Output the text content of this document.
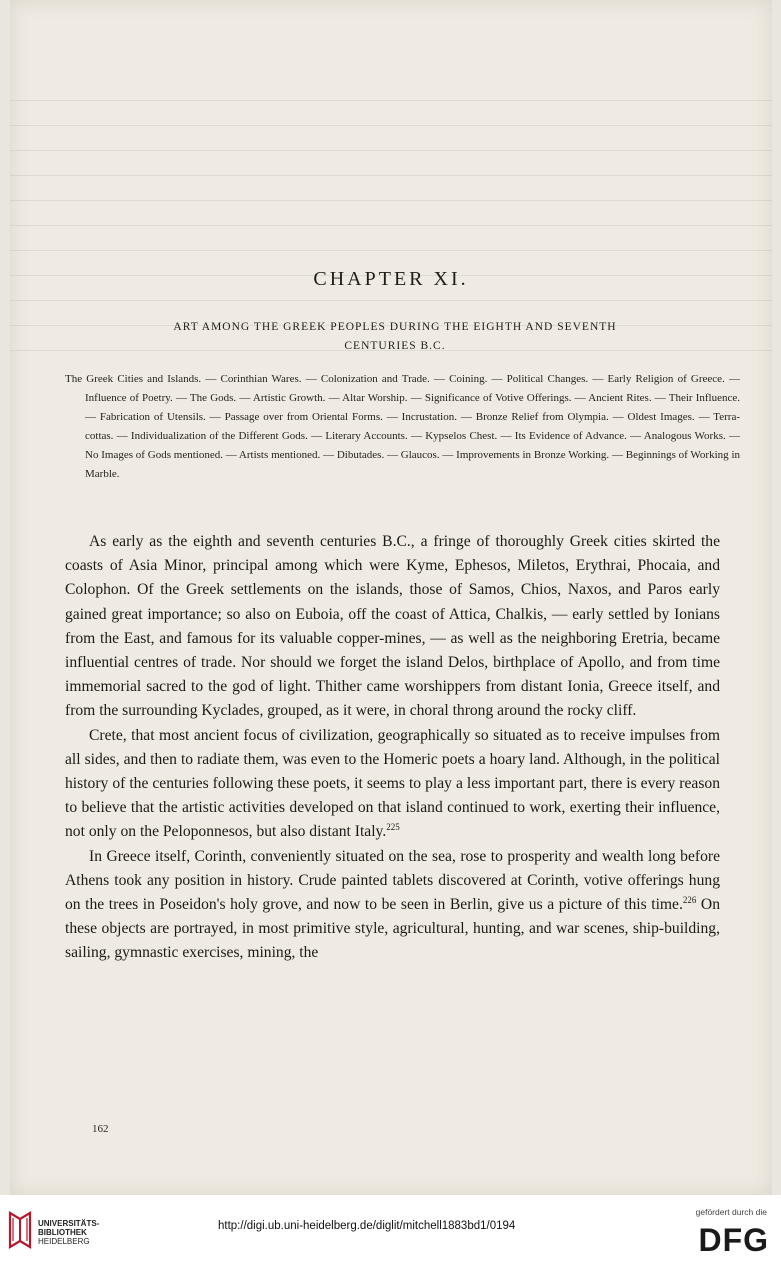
CHAPTER XI.
ART AMONG THE GREEK PEOPLES DURING THE EIGHTH AND SEVENTH
CENTURIES B.C.
The Greek Cities and Islands. — Corinthian Wares. — Colonization and Trade. — Coining. — Political Changes. — Early Religion of Greece. — Influence of Poetry. — The Gods. — Artistic Growth. — Altar Worship. — Significance of Votive Offerings. — Ancient Rites. — Their Influence. — Fabrication of Utensils. — Passage over from Oriental Forms. — Incrustation. — Bronze Relief from Olympia. — Oldest Images. — Terra-cottas. — Individualization of the Different Gods. — Literary Accounts. — Kypselos Chest. — Its Evidence of Advance. — Analogous Works. — No Images of Gods mentioned. — Artists mentioned. — Dibutades. — Glaucos. — Improvements in Bronze Working. — Beginnings of Working in Marble.

As early as the eighth and seventh centuries B.C., a fringe of thoroughly Greek cities skirted the coasts of Asia Minor, principal among which were Kyme, Ephesos, Miletos, Erythrai, Phocaia, and Colophon. Of the Greek settlements on the islands, those of Samos, Chios, Naxos, and Paros early gained great importance; so also on Euboia, off the coast of Attica, Chalkis, — early settled by Ionians from the East, and famous for its valuable copper-mines, — as well as the neighboring Eretria, became influential centres of trade. Nor should we forget the island Delos, birthplace of Apollo, and from time immemorial sacred to the god of light. Thither came worshippers from distant Ionia, Greece itself, and from the surrounding Kyclades, grouped, as it were, in choral throng around the rocky cliff.

Crete, that most ancient focus of civilization, geographically so situated as to receive impulses from all sides, and then to radiate them, was even to the Homeric poets a hoary land. Although, in the political history of the centuries following these poets, it seems to play a less important part, there is every reason to believe that the artistic activities developed on that island continued to work, exerting their influence, not only on the Peloponnesos, but also distant Italy.$^{225}$

In Greece itself, Corinth, conveniently situated on the sea, rose to prosperity and wealth long before Athens took any position in history. Crude painted tablets discovered at Corinth, votive offerings hung on the trees in Poseidon's holy grove, and now to be seen in Berlin, give us a picture of this time.$^{226}$ On these objects are portrayed, in most primitive style, agricultural, hunting, and war scenes, ship-building, sailing, gymnastic exercises, mining, the

162
UNIVERSITÄTS-
BIBLIOTHEK
HEIDELBERG
http://digi.ub.uni-heidelberg.de/diglit/mitchell1883bd1/0194
gefördert durch die
DFG
